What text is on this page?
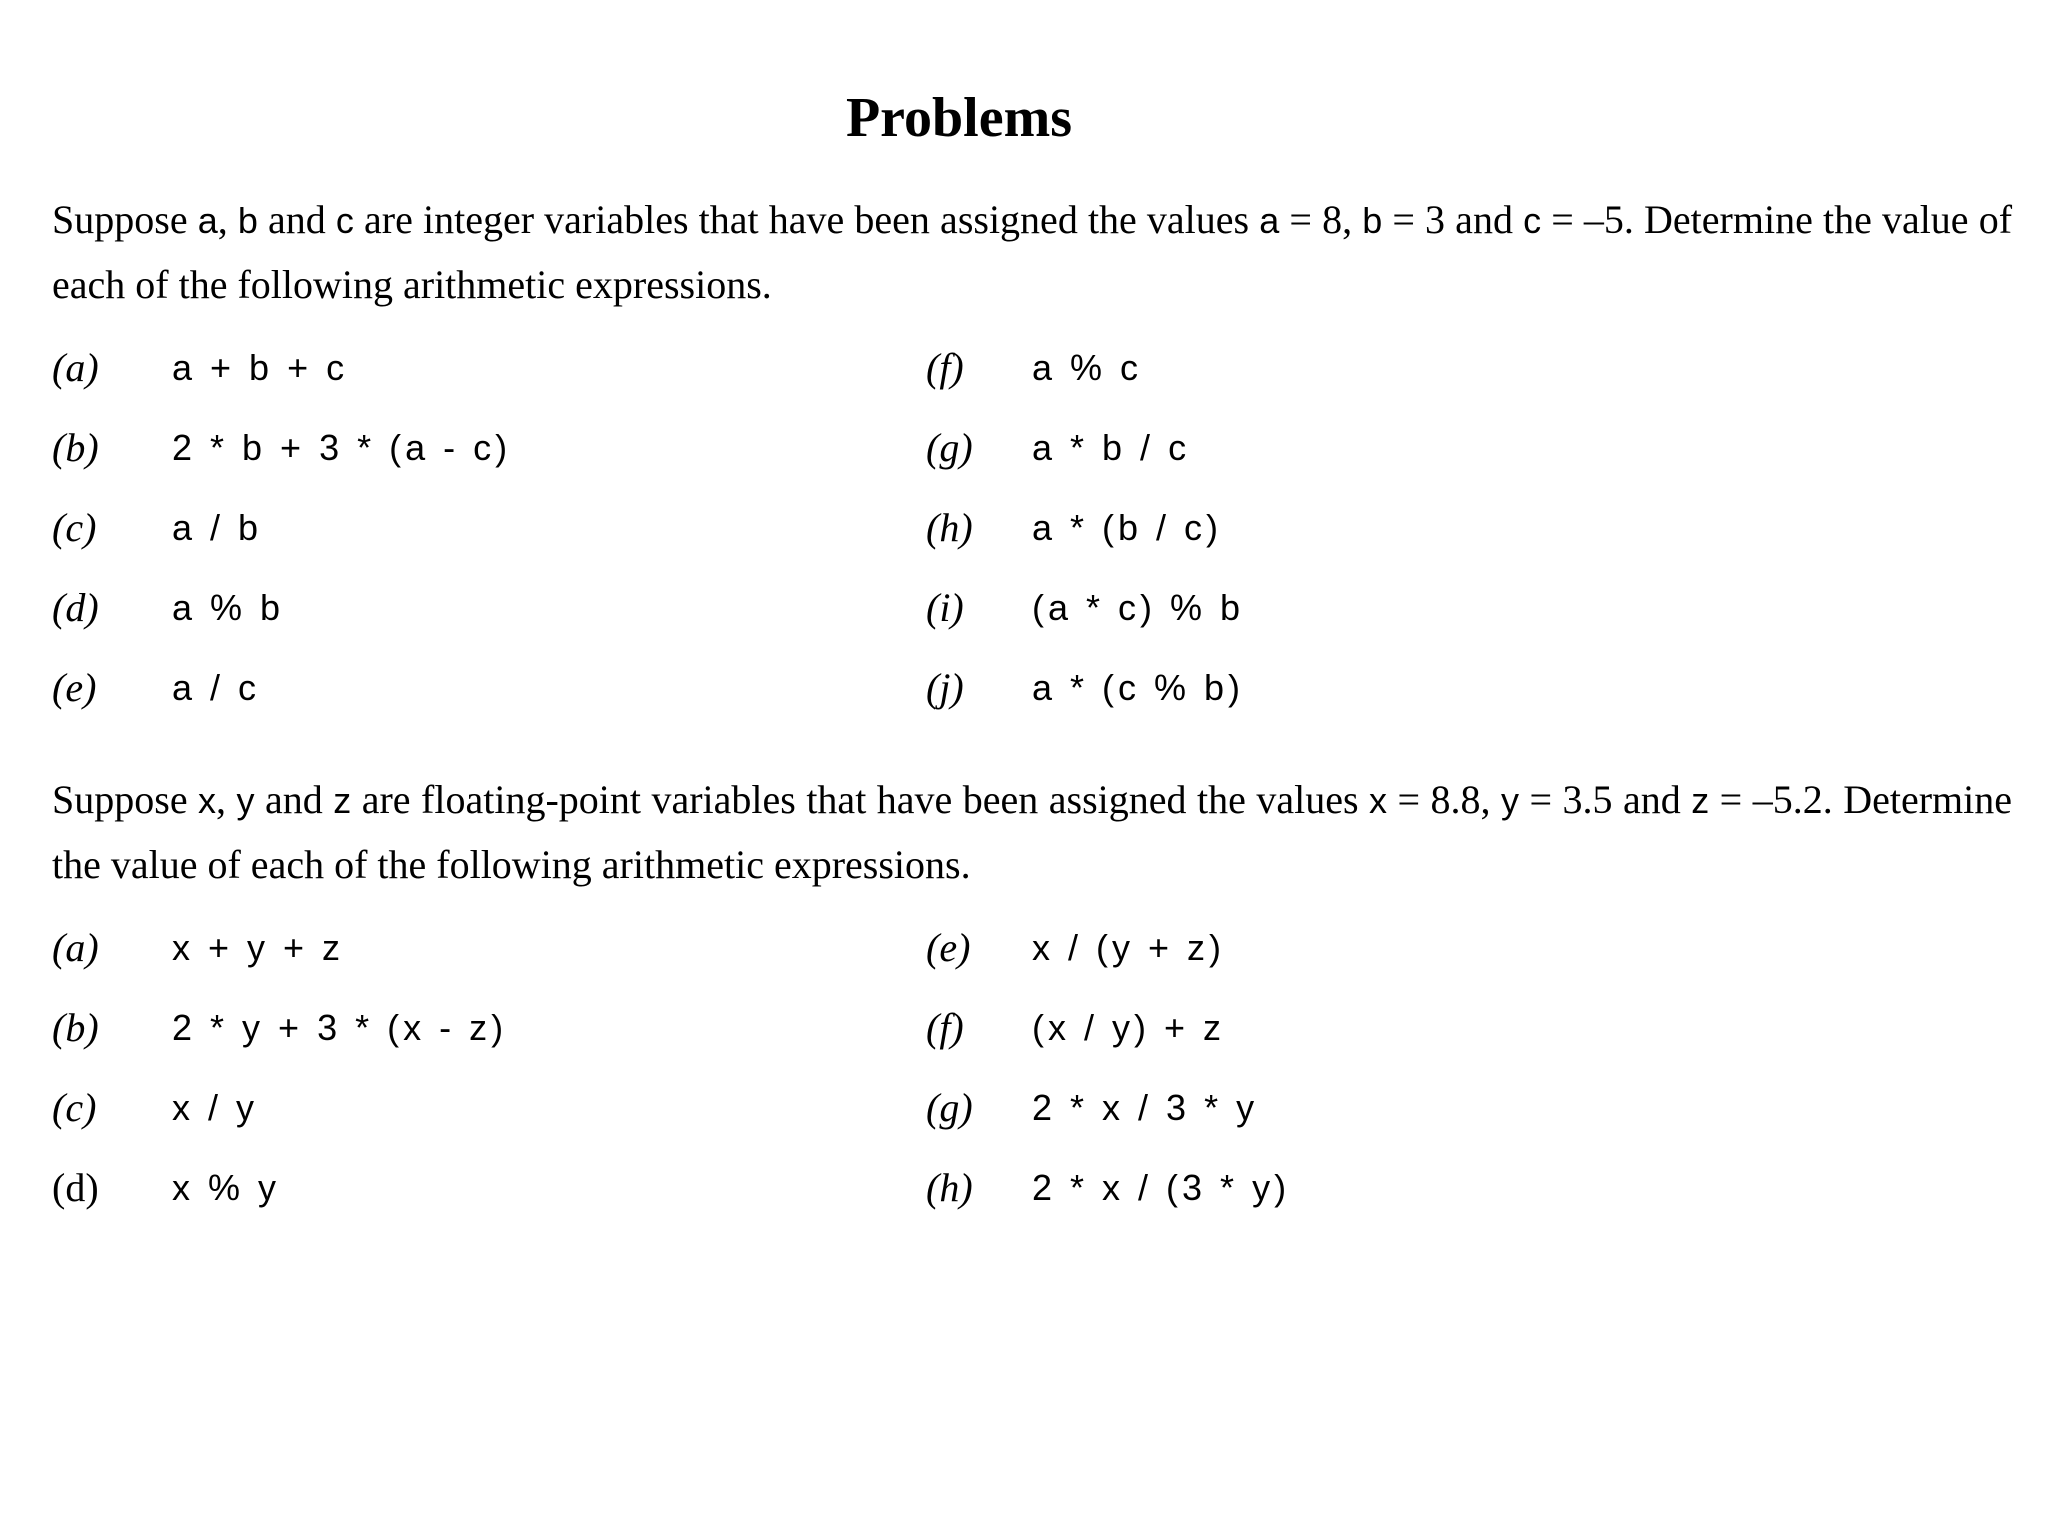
Problems
Suppose a, b and c are integer variables that have been assigned the values a = 8, b = 3 and c = –5. Determine the value of each of the following arithmetic expressions.
(a) a + b + c
(b) 2 * b + 3 * (a - c)
(c) a / b
(d) a % b
(e) a / c
(f) a % c
(g) a * b / c
(h) a * (b / c)
(i) (a * c) % b
(j) a * (c % b)
Suppose x, y and z are floating-point variables that have been assigned the values x = 8.8, y = 3.5 and z = –5.2. Determine the value of each of the following arithmetic expressions.
(a) x + y + z
(b) 2 * y + 3 * (x - z)
(c) x / y
(d) x % y
(e) x / (y + z)
(f) (x / y) + z
(g) 2 * x / 3 * y
(h) 2 * x / (3 * y)
